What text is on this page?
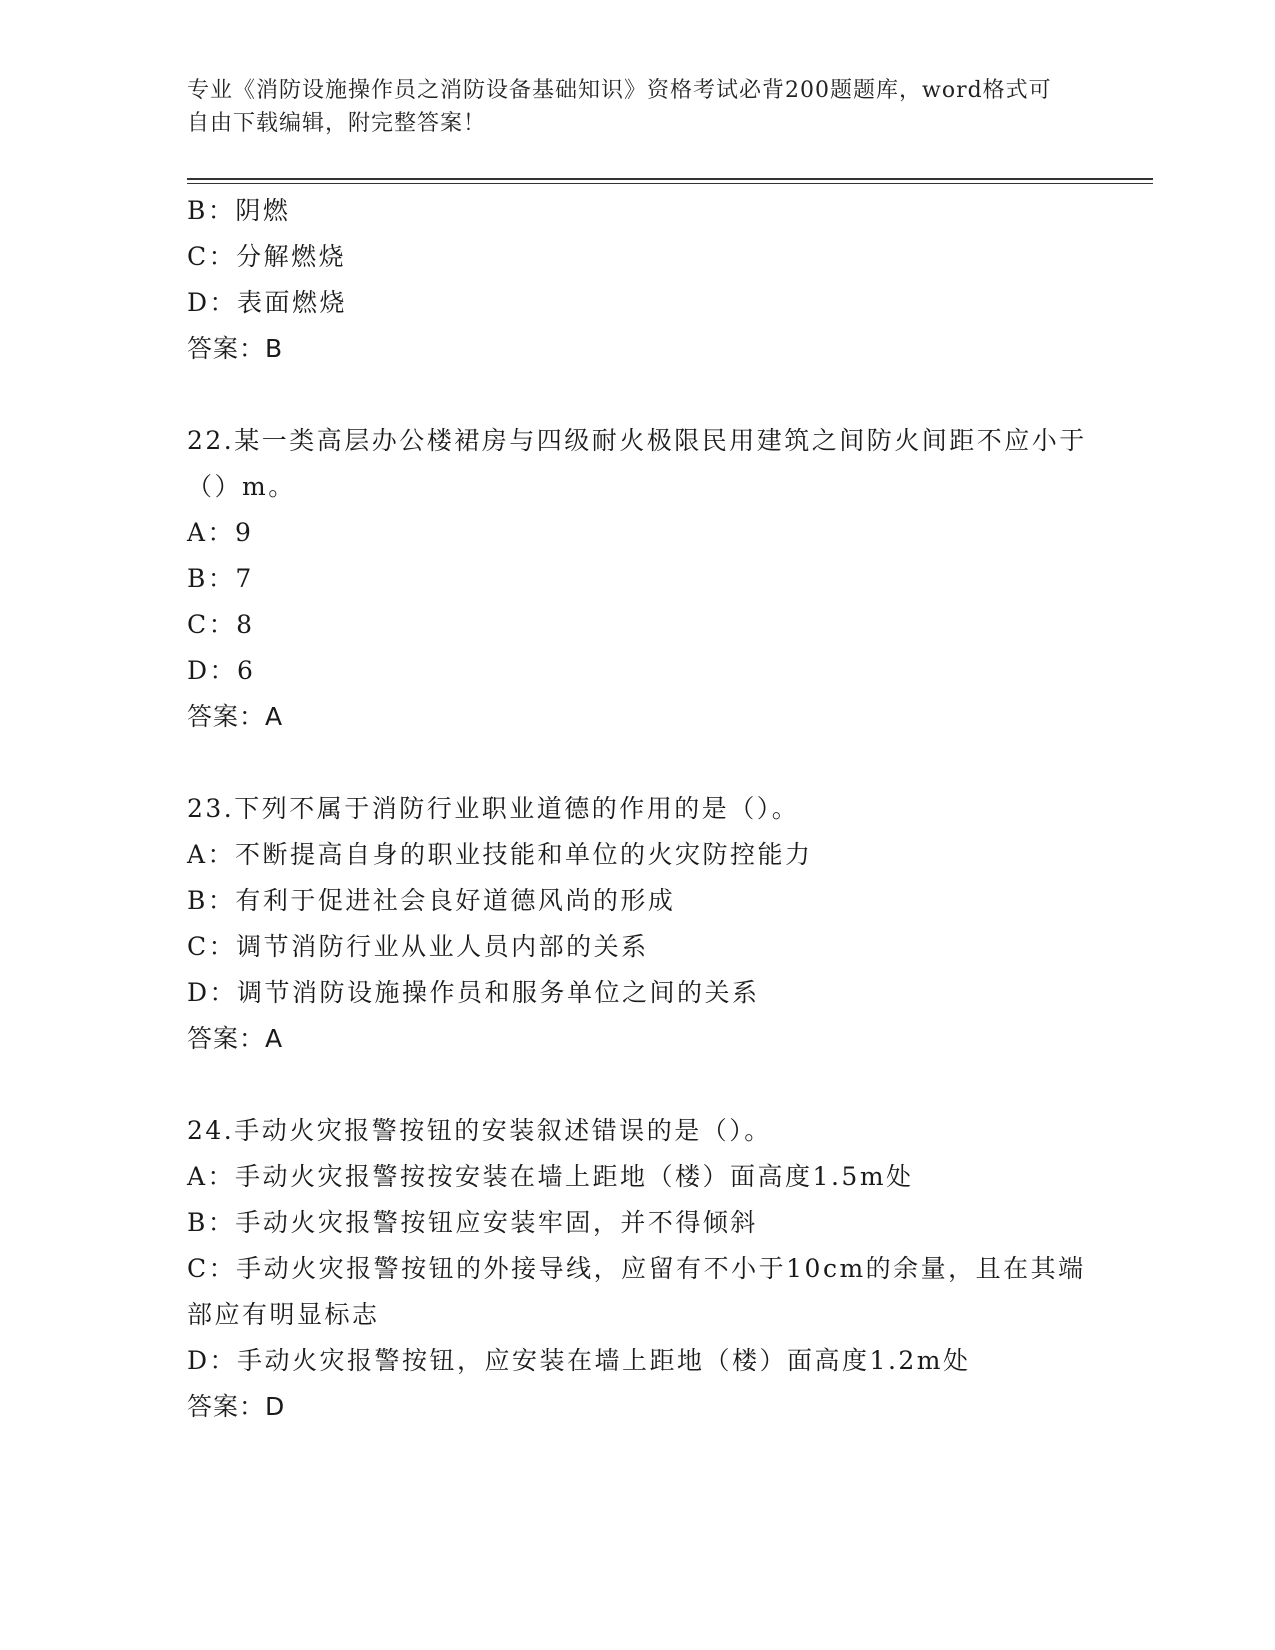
专业《消防设施操作员之消防设备基础知识》资格考试必背200题题库，word格式可自由下载编辑，附完整答案！
B：阴燃
C：分解燃烧
D：表面燃烧
答案：B
22.某一类高层办公楼裙房与四级耐火极限民用建筑之间防火间距不应小于（）m。
A：9
B：7
C：8
D：6
答案：A
23.下列不属于消防行业职业道德的作用的是（）。
A：不断提高自身的职业技能和单位的火灾防控能力
B：有利于促进社会良好道德风尚的形成
C：调节消防行业从业人员内部的关系
D：调节消防设施操作员和服务单位之间的关系
答案：A
24.手动火灾报警按钮的安装叙述错误的是（）。
A：手动火灾报警按按安装在墙上距地（楼）面高度1.5m处
B：手动火灾报警按钮应安装牢固，并不得倾斜
C：手动火灾报警按钮的外接导线，应留有不小于10cm的余量，且在其端部应有明显标志
D：手动火灾报警按钮，应安装在墙上距地（楼）面高度1.2m处
答案：D
